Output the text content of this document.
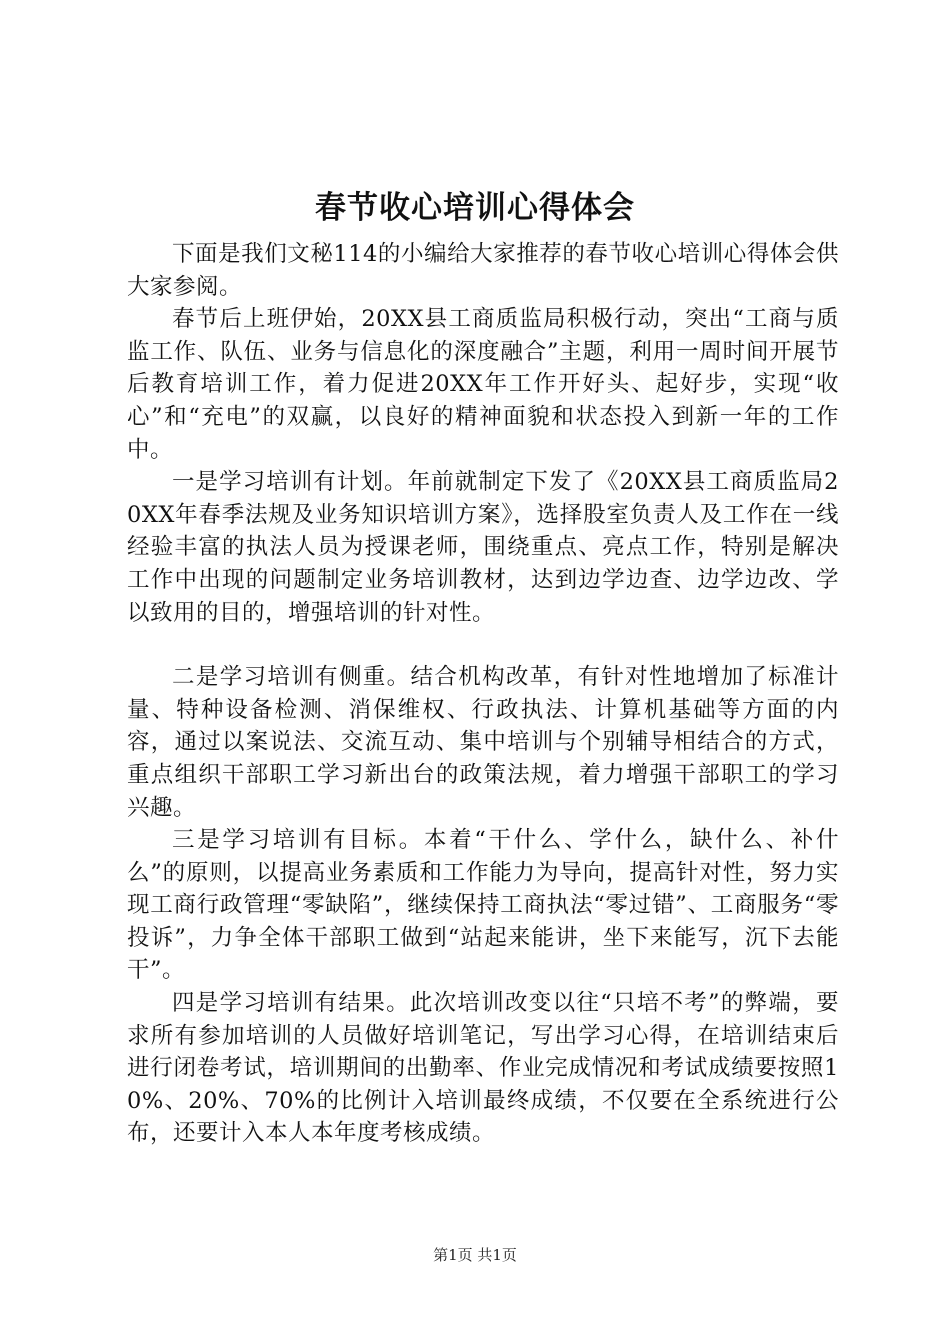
春节收心培训心得体会

下面是我们文秘114的小编给大家推荐的春节收心培训心得体会供大家参阅。

春节后上班伊始，20XX县工商质监局积极行动，突出“工商与质监工作、队伍、业务与信息化的深度融合”主题，利用一周时间开展节后教育培训工作，着力促进20XX年工作开好头、起好步，实现“收心”和“充电”的双赢，以良好的精神面貌和状态投入到新一年的工作中。

一是学习培训有计划。年前就制定下发了《20XX县工商质监局20XX年春季法规及业务知识培训方案》，选择股室负责人及工作在一线经验丰富的执法人员为授课老师，围绕重点、亮点工作，特别是解决工作中出现的问题制定业务培训教材，达到边学边查、边学边改、学以致用的目的，增强培训的针对性。

二是学习培训有侧重。结合机构改革，有针对性地增加了标准计量、特种设备检测、消保维权、行政执法、计算机基础等方面的内容，通过以案说法、交流互动、集中培训与个别辅导相结合的方式，重点组织干部职工学习新出台的政策法规，着力增强干部职工的学习兴趣。

三是学习培训有目标。本着“干什么、学什么，缺什么、补什么”的原则，以提高业务素质和工作能力为导向，提高针对性，努力实现工商行政管理“零缺陷”，继续保持工商执法“零过错”、工商服务“零投诉”，力争全体干部职工做到“站起来能讲，坐下来能写，沉下去能干”。

四是学习培训有结果。此次培训改变以往“只培不考”的弊端，要求所有参加培训的人员做好培训笔记，写出学习心得，在培训结束后进行闭卷考试，培训期间的出勤率、作业完成情况和考试成绩要按照10%、20%、70%的比例计入培训最终成绩，不仅要在全系统进行公布，还要计入本人本年度考核成绩。

第1页 共1页
